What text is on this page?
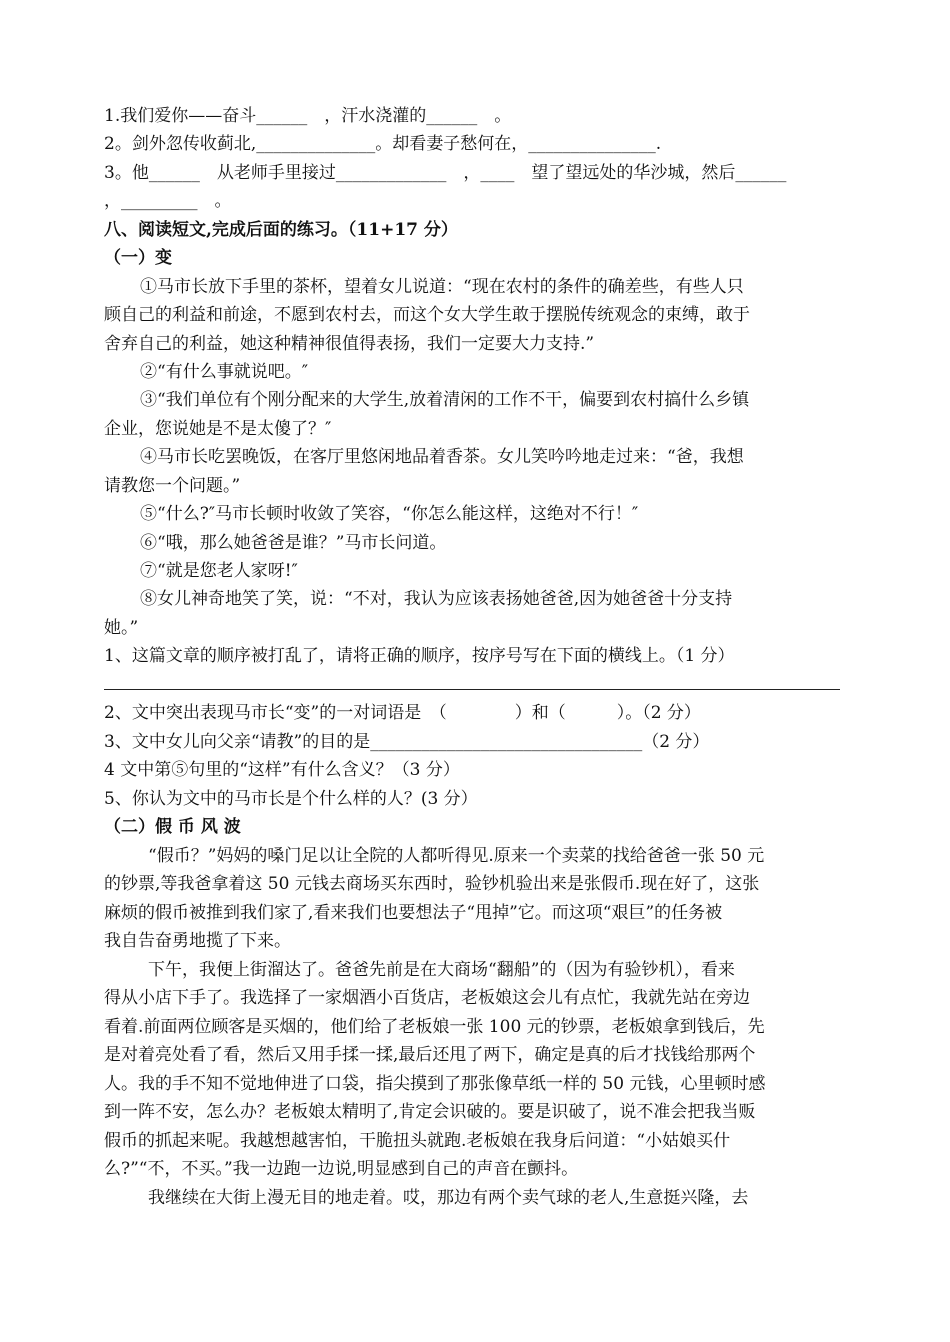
1.我们爱你——奋斗______　，汗水浇灌的______　。
2。剑外忽传收蓟北,______________。却看妻子愁何在，_______________.
3。他______　从老师手里接过_____________　，____　望了望远处的华沙城，然后______
，_________　。
八、阅读短文,完成后面的练习。（11+17 分）
（一）变
①马市长放下手里的茶杯，望着女儿说道：“现在农村的条件的确差些，有些人只
顾自己的利益和前途，不愿到农村去，而这个女大学生敢于摆脱传统观念的束缚，敢于
舍弃自己的利益，她这种精神很值得表扬，我们一定要大力支持.”
②“有什么事就说吧。″
③“我们单位有个刚分配来的大学生,放着清闲的工作不干，偏要到农村搞什么乡镇
企业，您说她是不是太傻了？″
④马市长吃罢晚饭，在客厅里悠闲地品着香茶。女儿笑吟吟地走过来：“爸，我想
请教您一个问题。”
⑤“什么?″马市长顿时收敛了笑容，“你怎么能这样，这绝对不行！″
⑥“哦，那么她爸爸是谁？”马市长问道。
⑦“就是您老人家呀!″
⑧女儿神奇地笑了笑，说：“不对，我认为应该表扬她爸爸,因为她爸爸十分支持
她。”
1、这篇文章的顺序被打乱了，请将正确的顺序，按序号写在下面的横线上。（1 分）
2、文中突出表现马市长“变”的一对词语是　（　　　　）和（　　　）。（2 分）
3、文中女儿向父亲“请教”的目的是________________________________（2 分）
4 文中第⑤句里的“这样”有什么含义？（3 分）
5、你认为文中的马市长是个什么样的人？(3 分）
（二）假 币 风 波
“假币？”妈妈的嗓门足以让全院的人都听得见.原来一个卖菜的找给爸爸一张 50 元
的钞票,等我爸拿着这 50 元钱去商场买东西时，验钞机验出来是张假币.现在好了，这张
麻烦的假币被推到我们家了,看来我们也要想法子“甩掉”它。而这项“艰巨”的任务被
我自告奋勇地揽了下来。
下午，我便上街溜达了。爸爸先前是在大商场“翻船”的（因为有验钞机），看来
得从小店下手了。我选择了一家烟酒小百货店，老板娘这会儿有点忙，我就先站在旁边
看着.前面两位顾客是买烟的，他们给了老板娘一张 100 元的钞票，老板娘拿到钱后，先
是对着亮处看了看，然后又用手揉一揉,最后还甩了两下，确定是真的后才找钱给那两个
人。我的手不知不觉地伸进了口袋，指尖摸到了那张像草纸一样的 50 元钱，心里顿时感
到一阵不安，怎么办？老板娘太精明了,肯定会识破的。要是识破了，说不准会把我当贩
假币的抓起来呢。我越想越害怕，干脆扭头就跑.老板娘在我身后问道：“小姑娘买什
么?”“不，不买。”我一边跑一边说,明显感到自己的声音在颤抖。
我继续在大街上漫无目的地走着。哎，那边有两个卖气球的老人,生意挺兴隆，去
